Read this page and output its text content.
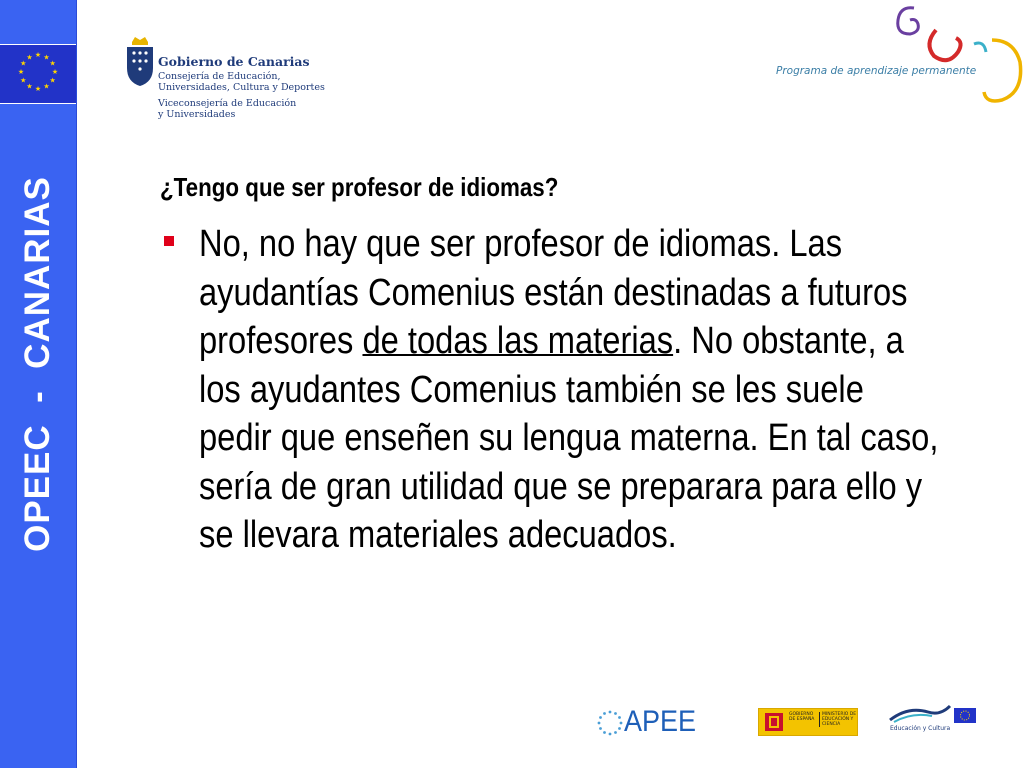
★ ★
★
★
★
★
★
★
★
★
★
★
OPEEC  -  CANARIAS
Gobierno de Canarias
Consejería de Educación,
Universidades, Cultura y Deportes
Viceconsejería de Educación
y Universidades
Programa de aprendizaje permanente
¿Tengo que ser profesor de idiomas?
No, no hay que ser profesor de idiomas. Las ayudantías Comenius están destinadas a futuros profesores de todas las materias. No obstante, a los ayudantes Comenius también se les suele pedir que enseñen su lengua materna. En tal caso, sería de gran utilidad que se preparara para ello y se llevara materiales adecuados.
APEE	GOBIERNO DE ESPAÑA
MINISTERIO DE EDUCACIÓN Y CIENCIA
Educación y Cultura
